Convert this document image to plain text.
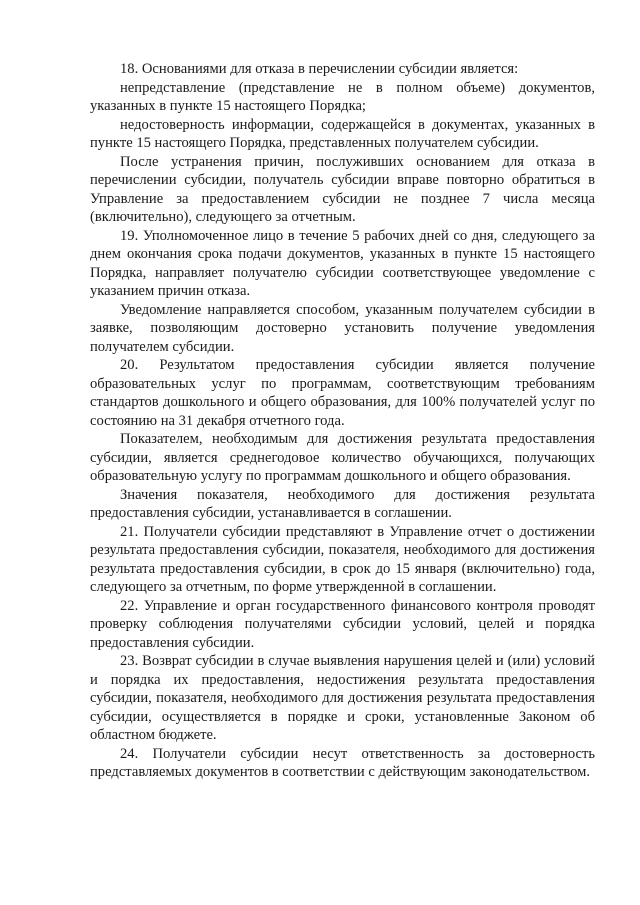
18. Основаниями для отказа в перечислении субсидии является:

непредставление (представление не в полном объеме) документов, указанных в пункте 15 настоящего Порядка;

недостоверность информации, содержащейся в документах, указанных в пункте 15 настоящего Порядка, представленных получателем субсидии.

После устранения причин, послуживших основанием для отказа в перечислении субсидии, получатель субсидии вправе повторно обратиться в Управление за предоставлением субсидии не позднее 7 числа месяца (включительно), следующего за отчетным.

19. Уполномоченное лицо в течение 5 рабочих дней со дня, следующего за днем окончания срока подачи документов, указанных в пункте 15 настоящего Порядка, направляет получателю субсидии соответствующее уведомление с указанием причин отказа.

Уведомление направляется способом, указанным получателем субсидии в заявке, позволяющим достоверно установить получение уведомления получателем субсидии.

20. Результатом предоставления субсидии является получение образовательных услуг по программам, соответствующим требованиям стандартов дошкольного и общего образования, для 100% получателей услуг по состоянию на 31 декабря отчетного года.

Показателем, необходимым для достижения результата предоставления субсидии, является среднегодовое количество обучающихся, получающих образовательную услугу по программам дошкольного и общего образования.

Значения показателя, необходимого для достижения результата предоставления субсидии, устанавливается в соглашении.

21. Получатели субсидии представляют в Управление отчет о достижении результата предоставления субсидии, показателя, необходимого для достижения результата предоставления субсидии, в срок до 15 января (включительно) года, следующего за отчетным, по форме утвержденной в соглашении.

22. Управление и орган государственного финансового контроля проводят проверку соблюдения получателями субсидии условий, целей и порядка предоставления субсидии.

23. Возврат субсидии в случае выявления нарушения целей и (или) условий и порядка их предоставления, недостижения результата предоставления субсидии, показателя, необходимого для достижения результата предоставления субсидии, осуществляется в порядке и сроки, установленные Законом об областном бюджете.

24. Получатели субсидии несут ответственность за достоверность представляемых документов в соответствии с действующим законодательством.
